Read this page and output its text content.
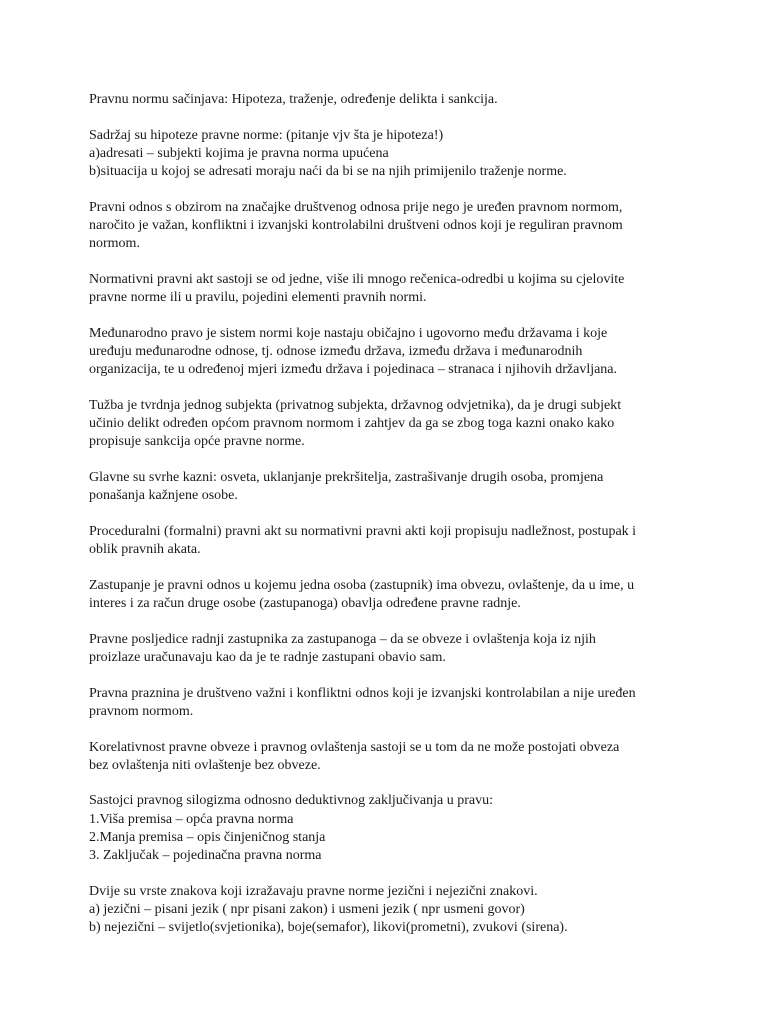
Pravnu normu sačinjava: Hipoteza, traženje, određenje delikta i sankcija.

Sadržaj su hipoteze pravne norme: (pitanje vjv šta je hipoteza!)
a)adresati – subjekti kojima je pravna norma upućena
b)situacija u kojoj se adresati moraju naći da bi se na njih primijenilo traženje norme.

Pravni odnos s obzirom na značajke društvenog odnosa prije nego je uređen pravnom normom,
naročito je važan, konfliktni i izvanjski kontrolabilni društveni odnos koji je reguliran pravnom
normom.

Normativni pravni akt sastoji se od jedne, više ili mnogo rečenica-odredbi u kojima su cjelovite
pravne norme ili u pravilu, pojedini elementi pravnih normi.

Međunarodno pravo je sistem normi koje nastaju običajno i ugovorno među državama i koje
uređuju međunarodne odnose, tj. odnose između država, između država i međunarodnih
organizacija, te u određenoj mjeri između država i pojedinaca – stranaca i njihovih državljana.

Tužba je tvrdnja jednog subjekta (privatnog subjekta, državnog odvjetnika), da je drugi subjekt
učinio delikt određen općom pravnom normom i zahtjev da ga se zbog toga kazni onako kako
propisuje sankcija opće pravne norme.

Glavne su svrhe kazni: osveta, uklanjanje prekršitelja, zastrašivanje drugih osoba, promjena
ponašanja kažnjene osobe.

Proceduralni (formalni) pravni akt su normativni pravni akti koji propisuju nadležnost, postupak i
oblik pravnih akata.

Zastupanje je pravni odnos u kojemu jedna osoba (zastupnik) ima obvezu, ovlaštenje, da u ime, u
interes i za račun druge osobe (zastupanoga) obavlja određene pravne radnje.

Pravne posljedice radnji zastupnika za zastupanoga – da se obveze i ovlaštenja koja iz njih
proizlaze uračunavaju kao da je te radnje zastupani obavio sam.

Pravna praznina je društveno važni i konfliktni odnos koji je izvanjski kontrolabilan a nije uređen
pravnom normom.

Korelativnost pravne obveze i pravnog ovlaštenja sastoji se u tom da ne može postojati obveza
bez ovlaštenja niti ovlaštenje bez obveze.

Sastojci pravnog silogizma odnosno deduktivnog zaključivanja u pravu:
1.Viša premisa – opća pravna norma
2.Manja premisa – opis činjeničnog stanja
3. Zaključak – pojedinačna pravna norma

Dvije su vrste znakova koji izražavaju pravne norme jezični i nejezični znakovi.
a) jezični – pisani jezik ( npr pisani zakon) i usmeni jezik ( npr usmeni govor)
b) nejezični – svijetlo(svjetionika), boje(semafor), likovi(prometni), zvukovi (sirena).
